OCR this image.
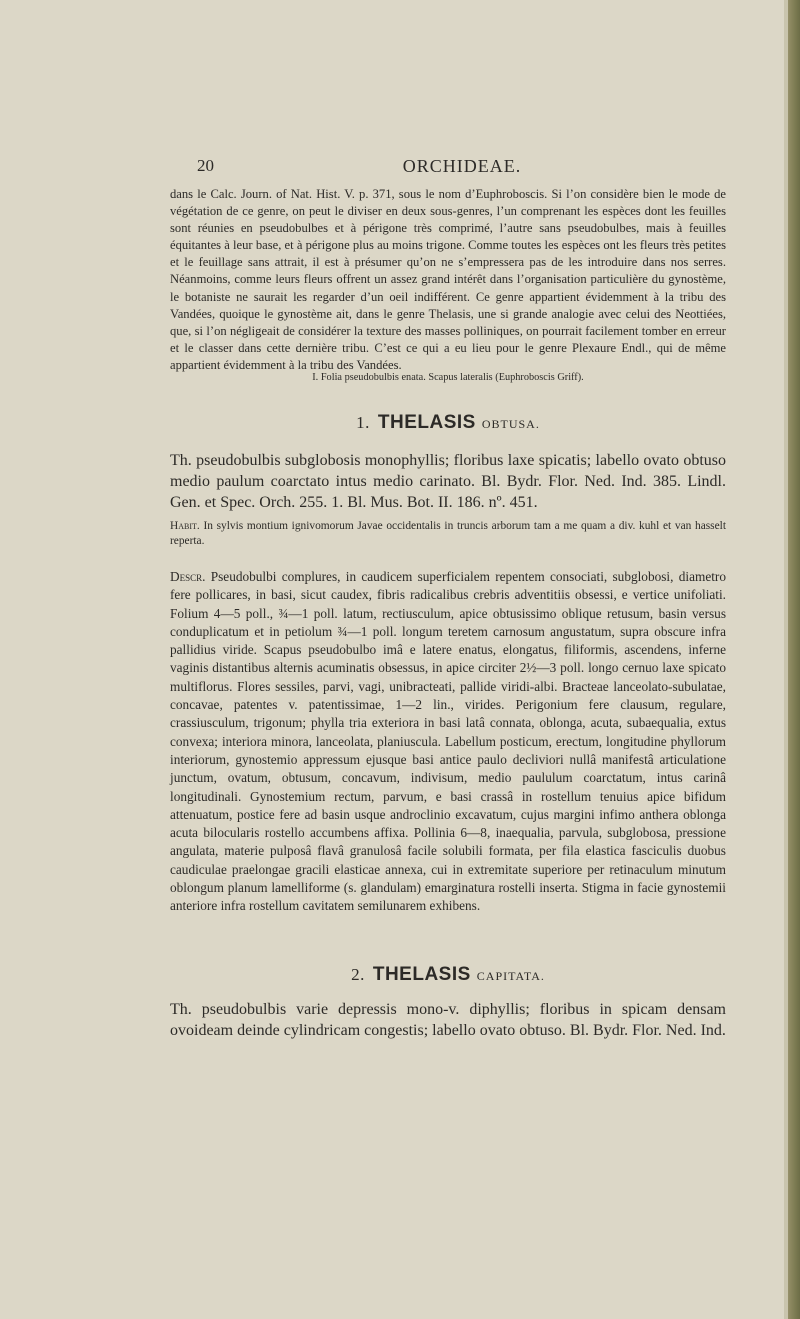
20	ORCHIDEAE.

dans le Calc. Journ. of Nat. Hist. V. p. 371, sous le nom d’Euphroboscis. Si l’on considère bien le mode de végétation de ce genre, on peut le diviser en deux sous-genres, l’un comprenant les espèces dont les feuilles sont réunies en pseudobulbes et à périgone très comprimé, l’autre sans pseudobulbes, mais à feuilles équitantes à leur base, et à périgone plus au moins trigone. Comme toutes les espèces ont les fleurs très petites et le feuillage sans attrait, il est à présumer qu’on ne s’empressera pas de les introduire dans nos serres. Néanmoins, comme leurs fleurs offrent un assez grand intérêt dans l’organisation particulière du gynostème, le botaniste ne saurait les regarder d’un oeil indifférent. Ce genre appartient évidemment à la tribu des Vandées, quoique le gynostème ait, dans le genre Thelasis, une si grande analogie avec celui des Neottiées, que, si l’on négligeait de considérer la texture des masses polliniques, on pourrait facilement tomber en erreur et le classer dans cette dernière tribu. C’est ce qui a eu lieu pour le genre Plexaure Endl., qui de même appartient évidemment à la tribu des Vandées.

I. Folia pseudobulbis enata. Scapus lateralis (Euphroboscis Griff).
1. THELASIS OBTUSA.

Th. pseudobulbis subglobosis monophyllis; floribus laxe spicatis; labello ovato obtuso medio paulum coarctato intus medio carinato. Bl. Bydr. Flor. Ned. Ind. 385. Lindl. Gen. et Spec. Orch. 255. 1. Bl. Mus. Bot. II. 186. nº. 451.

Habit. In sylvis montium ignivomorum Javae occidentalis in truncis arborum tam a me quam a div. kuhl et van hasselt reperta.

Descr. Pseudobulbi complures, in caudicem superficialem repentem consociati, subglobosi, diametro fere pollicares, in basi, sicut caudex, fibris radicalibus crebris adventitiis obsessi, e vertice unifoliati. Folium 4—5 poll., ¾—1 poll. latum, rectiusculum, apice obtusissimo oblique retusum, basin versus conduplicatum et in petiolum ¾—1 poll. longum teretem carnosum angustatum, supra obscure infra pallidius viride. Scapus pseudobulbo imâ e latere enatus, elongatus, filiformis, ascendens, inferne vaginis distantibus alternis acuminatis obsessus, in apice circiter 2½—3 poll. longo cernuo laxe spicato multiflorus. Flores sessiles, parvi, vagi, unibracteati, pallide viridi-albi. Bracteae lanceolato-subulatae, concavae, patentes v. patentissimae, 1—2 lin., virides. Perigonium fere clausum, regulare, crassiusculum, trigonum; phylla tria exteriora in basi latâ connata, oblonga, acuta, subaequalia, extus convexa; interiora minora, lanceolata, planiuscula. Labellum posticum, erectum, longitudine phyllorum interiorum, gynostemio appressum ejusque basi antice paulo decliviori nullâ manifestâ articulatione junctum, ovatum, obtusum, concavum, indivisum, medio paululum coarctatum, intus carinâ longitudinali. Gynostemium rectum, parvum, e basi crassâ in rostellum tenuius apice bifidum attenuatum, postice fere ad basin usque androclinio excavatum, cujus margini infimo anthera oblonga acuta bilocularis rostello accumbens affixa. Pollinia 6—8, inaequalia, parvula, subglobosa, pressione angulata, materie pulposâ flavâ granulosâ facile solubili formata, per fila elastica fasciculis duobus caudiculae praelongae gracili elasticae annexa, cui in extremitate superiore per retinaculum minutum oblongum planum lamelliforme (s. glandulam) emarginatura rostelli inserta. Stigma in facie gynostemii anteriore infra rostellum cavitatem semilunarem exhibens.

2. THELASIS CAPITATA.

Th. pseudobulbis varie depressis mono-v. diphyllis; floribus in spicam densam ovoideam deinde cylindricam congestis; labello ovato obtuso. Bl. Bydr. Flor. Ned. Ind.
